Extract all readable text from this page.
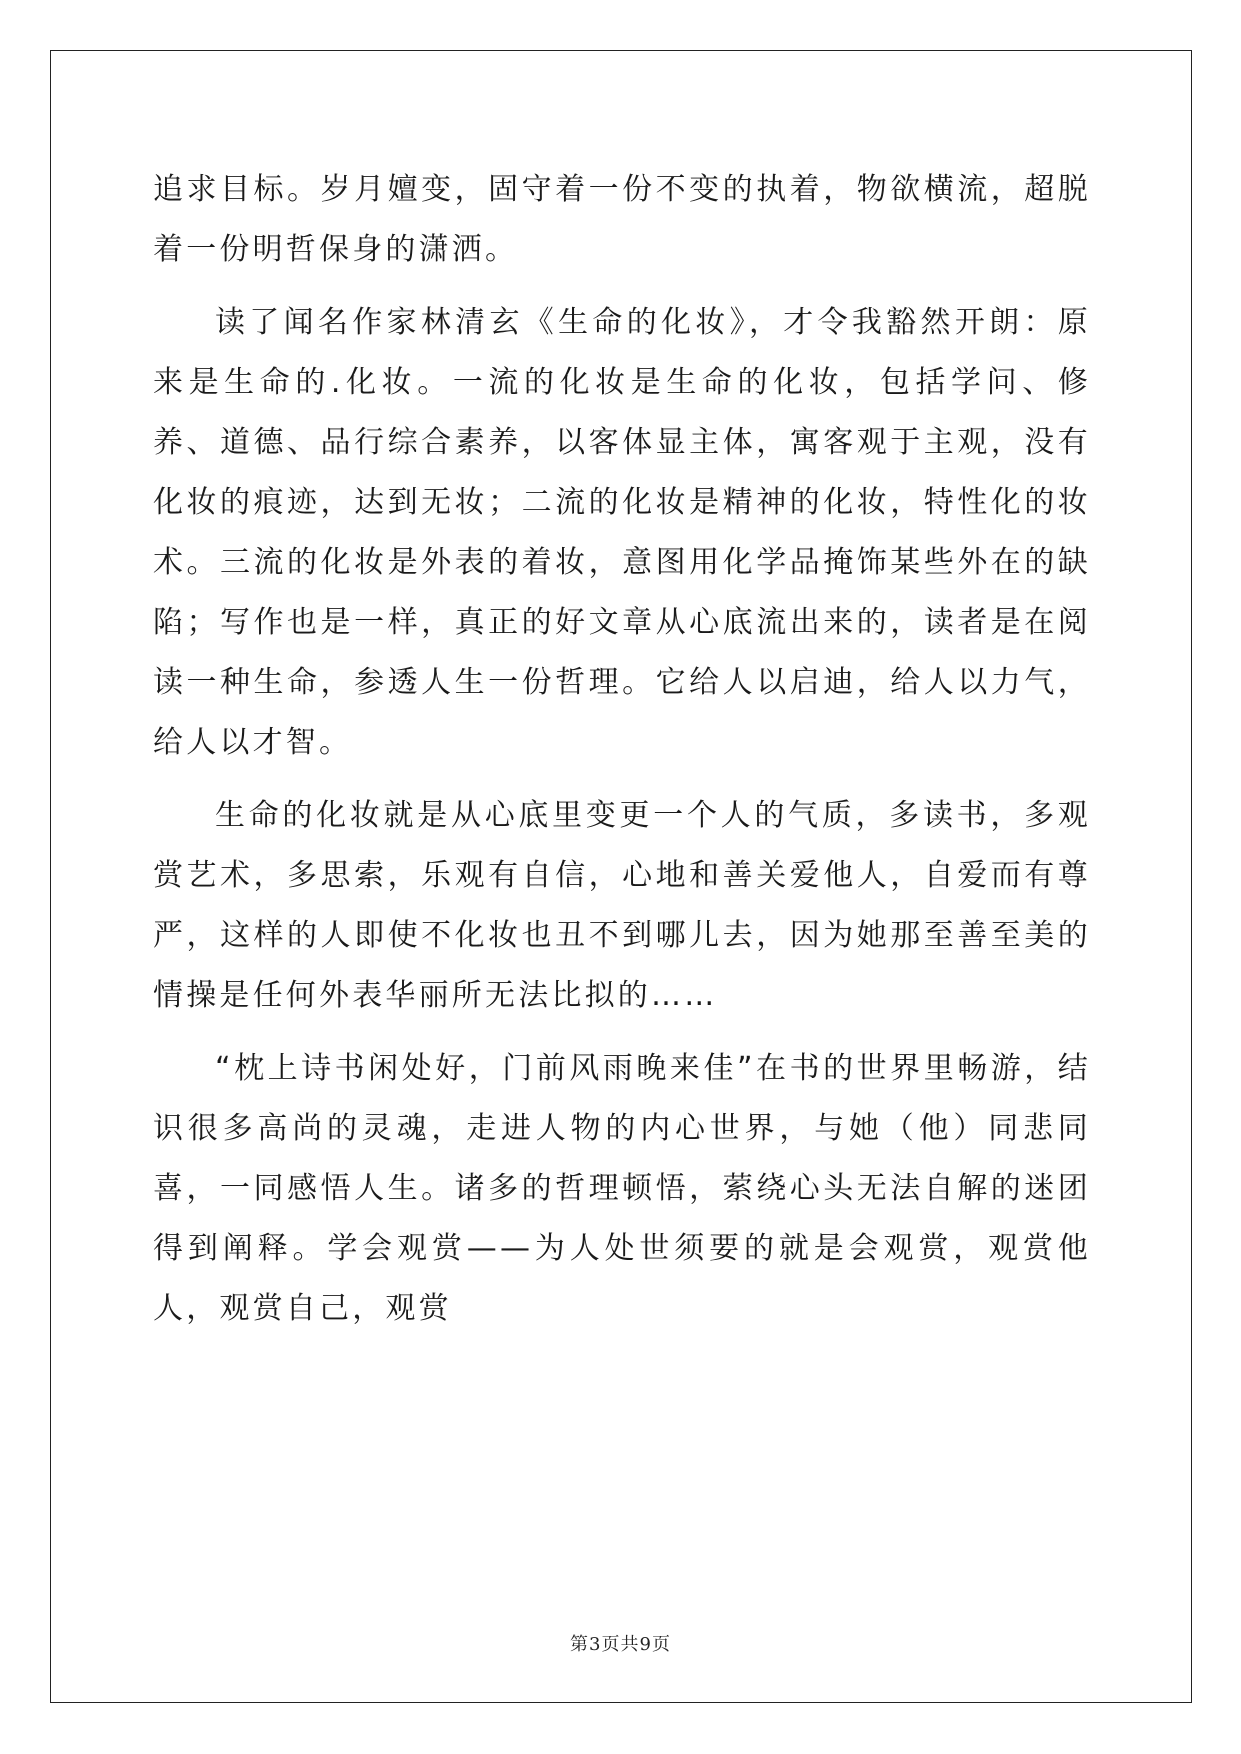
追求目标。岁月嬗变，固守着一份不变的执着，物欲横流，超脱着一份明哲保身的潇洒。

读了闻名作家林清玄《生命的化妆》，才令我豁然开朗：原来是生命的.化妆。一流的化妆是生命的化妆，包括学问、修养、道德、品行综合素养，以客体显主体，寓客观于主观，没有化妆的痕迹，达到无妆；二流的化妆是精神的化妆，特性化的妆术。三流的化妆是外表的着妆，意图用化学品掩饰某些外在的缺陷；写作也是一样，真正的好文章从心底流出来的，读者是在阅读一种生命，参透人生一份哲理。它给人以启迪，给人以力气，给人以才智。

生命的化妆就是从心底里变更一个人的气质，多读书，多观赏艺术，多思索，乐观有自信，心地和善关爱他人，自爱而有尊严，这样的人即使不化妆也丑不到哪儿去，因为她那至善至美的情操是任何外表华丽所无法比拟的……

“枕上诗书闲处好，门前风雨晚来佳”在书的世界里畅游，结识很多高尚的灵魂，走进人物的内心世界，与她（他）同悲同喜，一同感悟人生。诸多的哲理顿悟，萦绕心头无法自解的迷团得到阐释。学会观赏——为人处世须要的就是会观赏，观赏他人，观赏自己，观赏

第3页共9页
